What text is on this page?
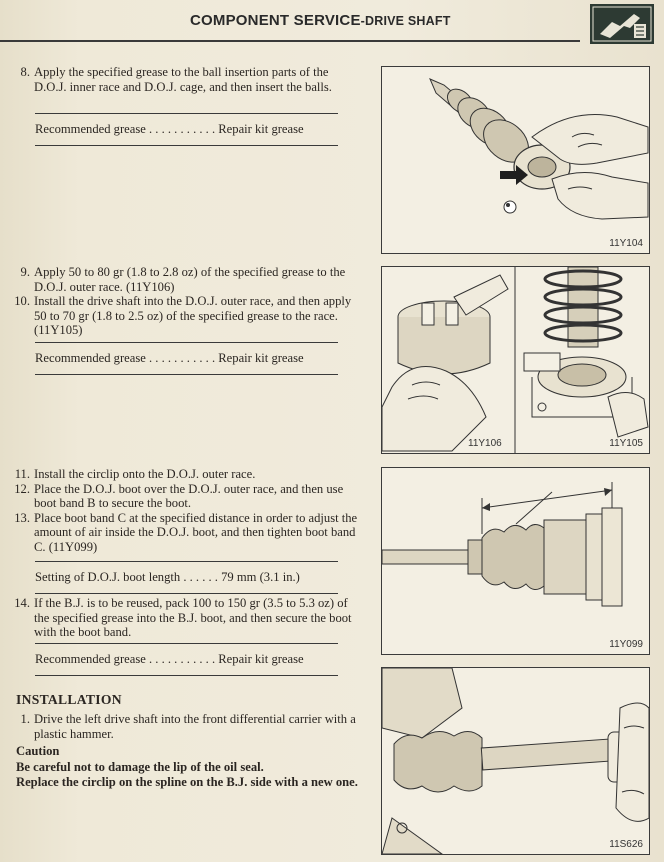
COMPONENT SERVICE-DRIVE SHAFT
8. Apply the specified grease to the ball insertion parts of the D.O.J. inner race and D.O.J. cage, and then insert the balls.
Recommended grease . . . . . . . . . . . Repair kit grease
11Y104
9. Apply 50 to 80 gr (1.8 to 2.8 oz) of the specified grease to the D.O.J. outer race. (11Y106)
10. Install the drive shaft into the D.O.J. outer race, and then apply 50 to 70 gr (1.8 to 2.5 oz) of the specified grease to the race. (11Y105)
Recommended grease . . . . . . . . . . . Repair kit grease
11Y106	11Y105
11. Install the circlip onto the D.O.J. outer race.
12. Place the D.O.J. boot over the D.O.J. outer race, and then use boot band B to secure the boot.
13. Place boot band C at the specified distance in order to adjust the amount of air inside the D.O.J. boot, and then tighten boot band C. (11Y099)
Setting of D.O.J. boot length . . . . . . 79 mm (3.1 in.)
11Y099
14. If the B.J. is to be reused, pack 100 to 150 gr (3.5 to 5.3 oz) of the specified grease into the B.J. boot, and then secure the boot with the boot band.
Recommended grease . . . . . . . . . . . Repair kit grease
INSTALLATION
1. Drive the left drive shaft into the front differential carrier with a plastic hammer.
Caution
Be careful not to damage the lip of the oil seal.
Replace the circlip on the spline on the B.J. side with a new one.
11S626
